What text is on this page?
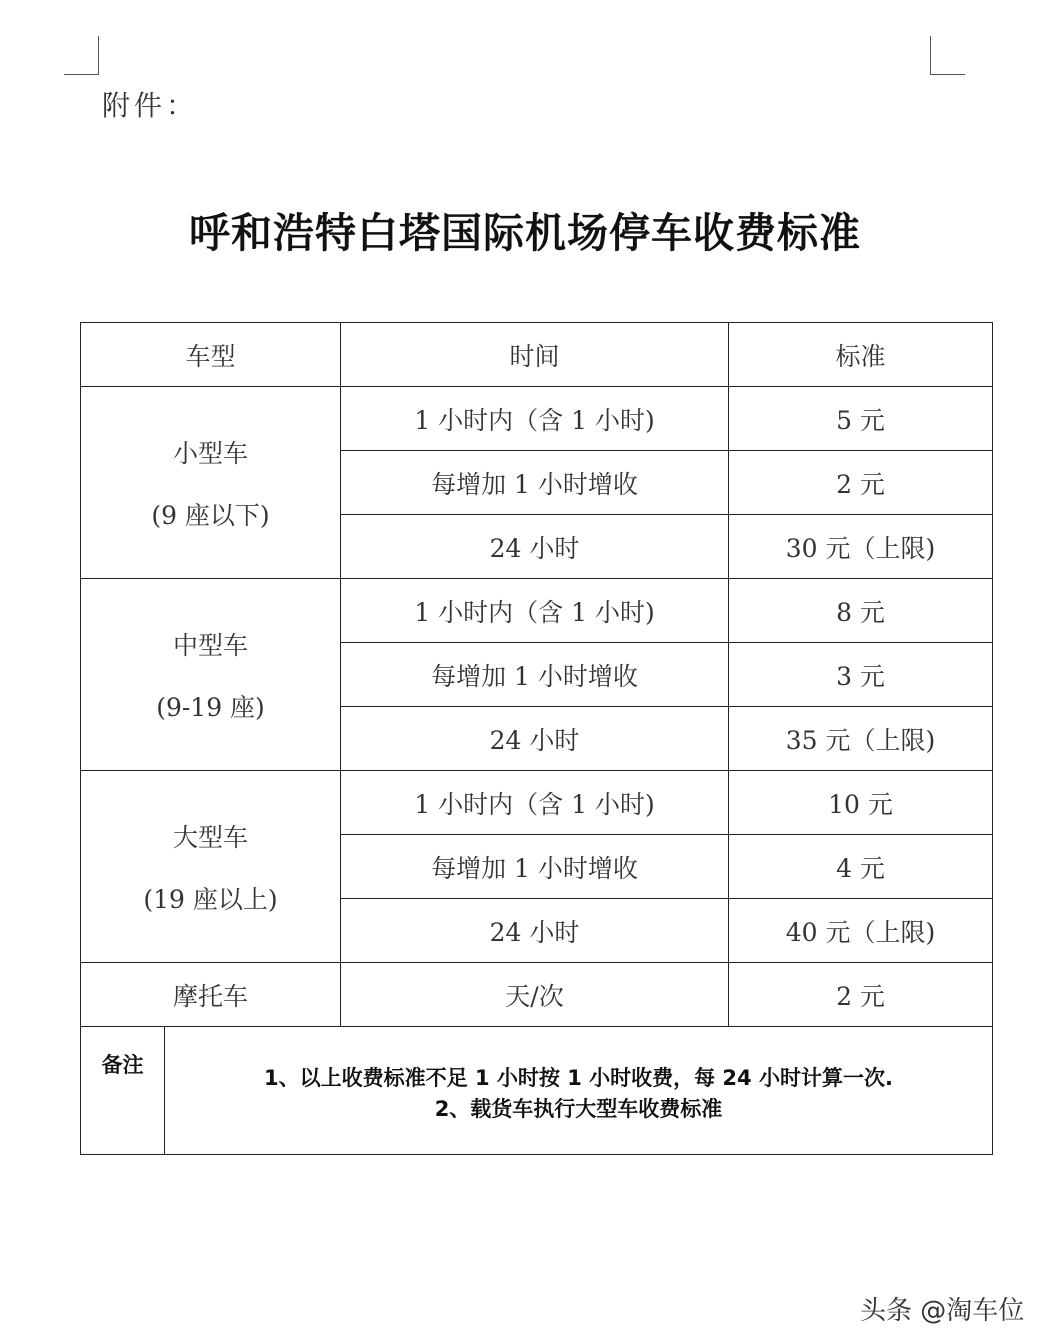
附件：
呼和浩特白塔国际机场停车收费标准
车型		时间	标准

小型车
(9 座以下)		1 小时内（含 1 小时)	5 元
		每增加 1 小时增收	2 元
		24 小时	30 元（上限)

中型车
(9-19 座)		1 小时内（含 1 小时)	8 元
		每增加 1 小时增收	3 元
		24 小时	35 元（上限)

大型车
(19 座以上)		1 小时内（含 1 小时)	10 元
		每增加 1 小时增收	4 元
		24 小时	40 元（上限)
摩托车		天/次	2 元
备注	1、以上收费标准不足 1 小时按 1 小时收费，每 24 小时计算一次.
2、载货车执行大型车收费标准		
头条 @淘车位
